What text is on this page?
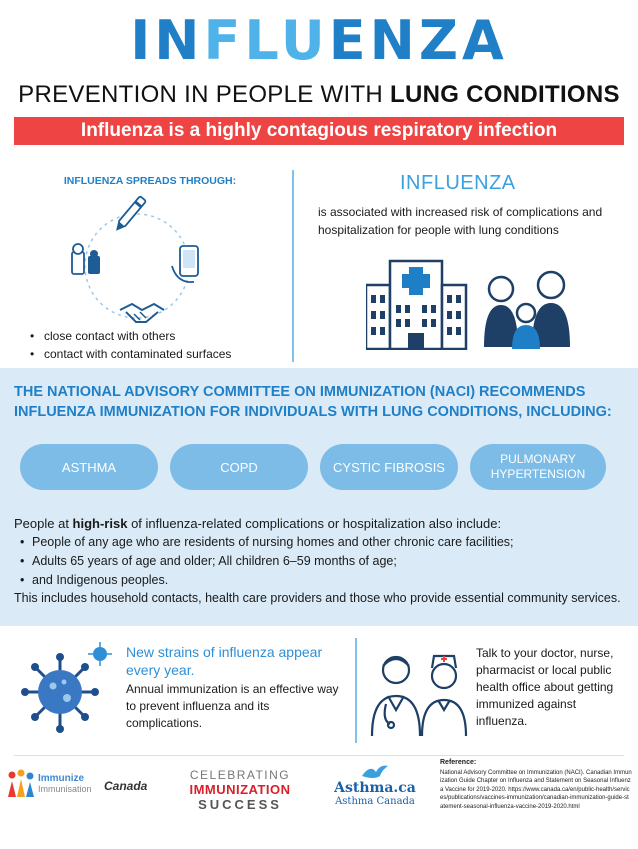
INFLUENZA
PREVENTION IN PEOPLE WITH LUNG CONDITIONS
Influenza is a highly contagious respiratory infection
INFLUENZA SPREADS THROUGH:
• close contact with others
• contact with contaminated surfaces
INFLUENZA
is associated with increased risk of complications and hospitalization for people with lung conditions
THE NATIONAL ADVISORY COMMITTEE ON IMMUNIZATION (NACI) RECOMMENDS INFLUENZA IMMUNIZATION FOR INDIVIDUALS WITH LUNG CONDITIONS, INCLUDING:
ASTHMA	COPD	CYSTIC FIBROSIS
PULMONARY HYPERTENSION
People at high-risk of influenza-related complications or hospitalization also include:
• People of any age who are residents of nursing homes and other chronic care facilities;
• Adults 65 years of age and older; All children 6–59 months of age;
• and Indigenous peoples.
This includes household contacts, health care providers and those who provide essential community services.
New strains of influenza appear every year.
Annual immunization is an effective way to prevent influenza and its complications.
Talk to your doctor, nurse, pharmacist or local public health office about getting immunized against influenza.
Immunize
Immunisation Canada
CELEBRATING
IMMUNIZATION
SUCCESS
Asthma.ca
Asthma Canada
Reference:
National Advisory Committee on Immunization (NACI). Canadian Immunization Guide Chapter on Influenza and Statement on Seasonal Influenza Vaccine for 2019-2020. https://www.canada.ca/en/public-health/services/publications/vaccines-immunization/canadian-immunization-guide-statement-seasonal-influenza-vaccine-2019-2020.html
